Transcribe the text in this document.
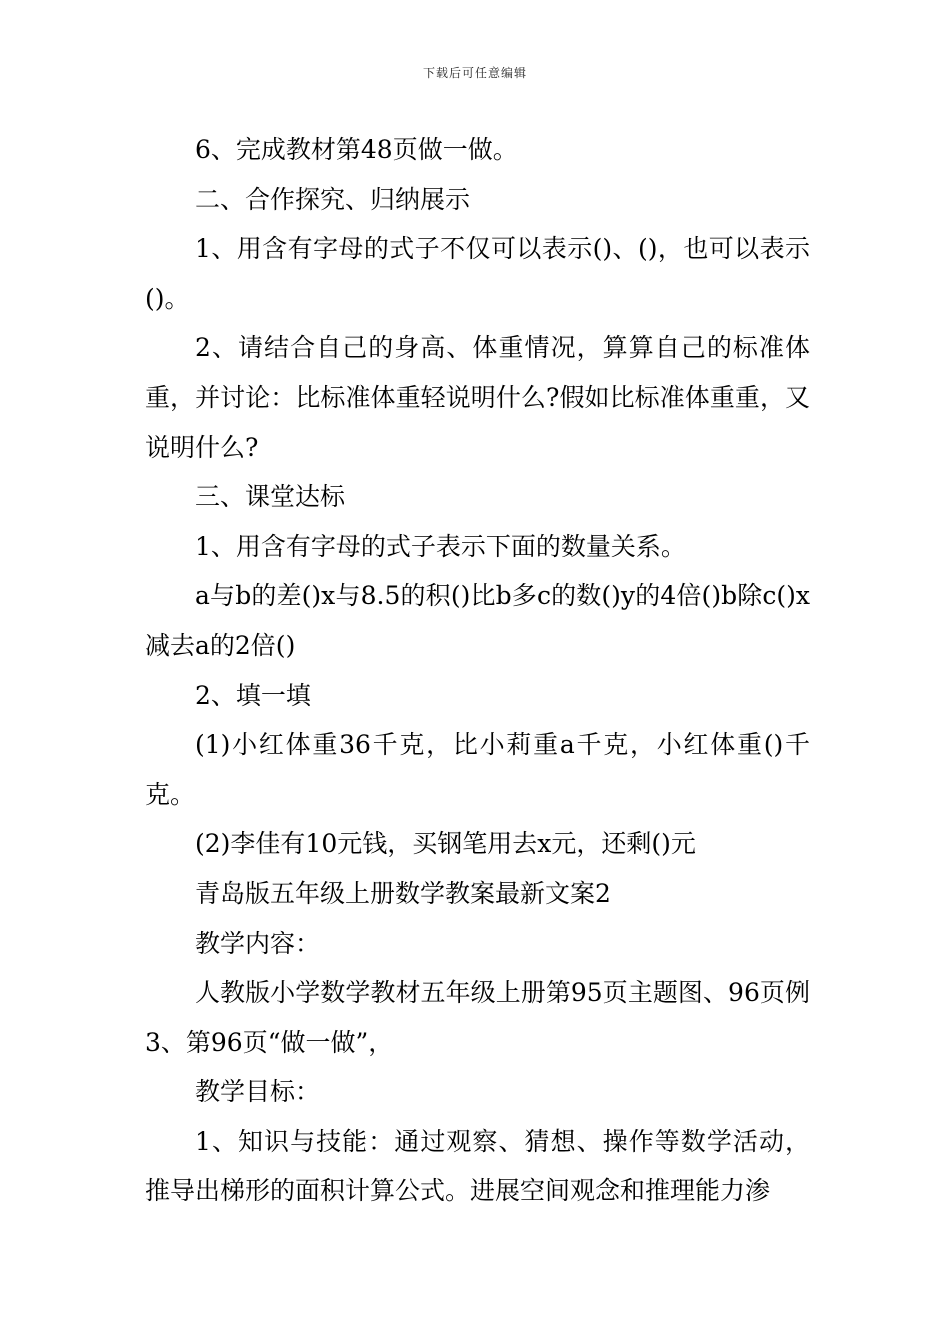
下载后可任意编辑

6、完成教材第48页做一做。

二、合作探究、归纳展示

1、用含有字母的式子不仅可以表示()、()，也可以表示()。

2、请结合自己的身高、体重情况，算算自己的标准体重，并讨论：比标准体重轻说明什么?假如比标准体重重，又说明什么?

三、课堂达标

1、用含有字母的式子表示下面的数量关系。

a与b的差()x与8.5的积()比b多c的数()y的4倍()b除c()x减去a的2倍()

2、填一填

(1)小红体重36千克，比小莉重a千克，小红体重()千克。

(2)李佳有10元钱，买钢笔用去x元，还剩()元

青岛版五年级上册数学教案最新文案2

教学内容：

人教版小学数学教材五年级上册第95页主题图、96页例3、第96页“做一做”，

教学目标：

1、知识与技能：通过观察、猜想、操作等数学活动，推导出梯形的面积计算公式。进展空间观念和推理能力渗
